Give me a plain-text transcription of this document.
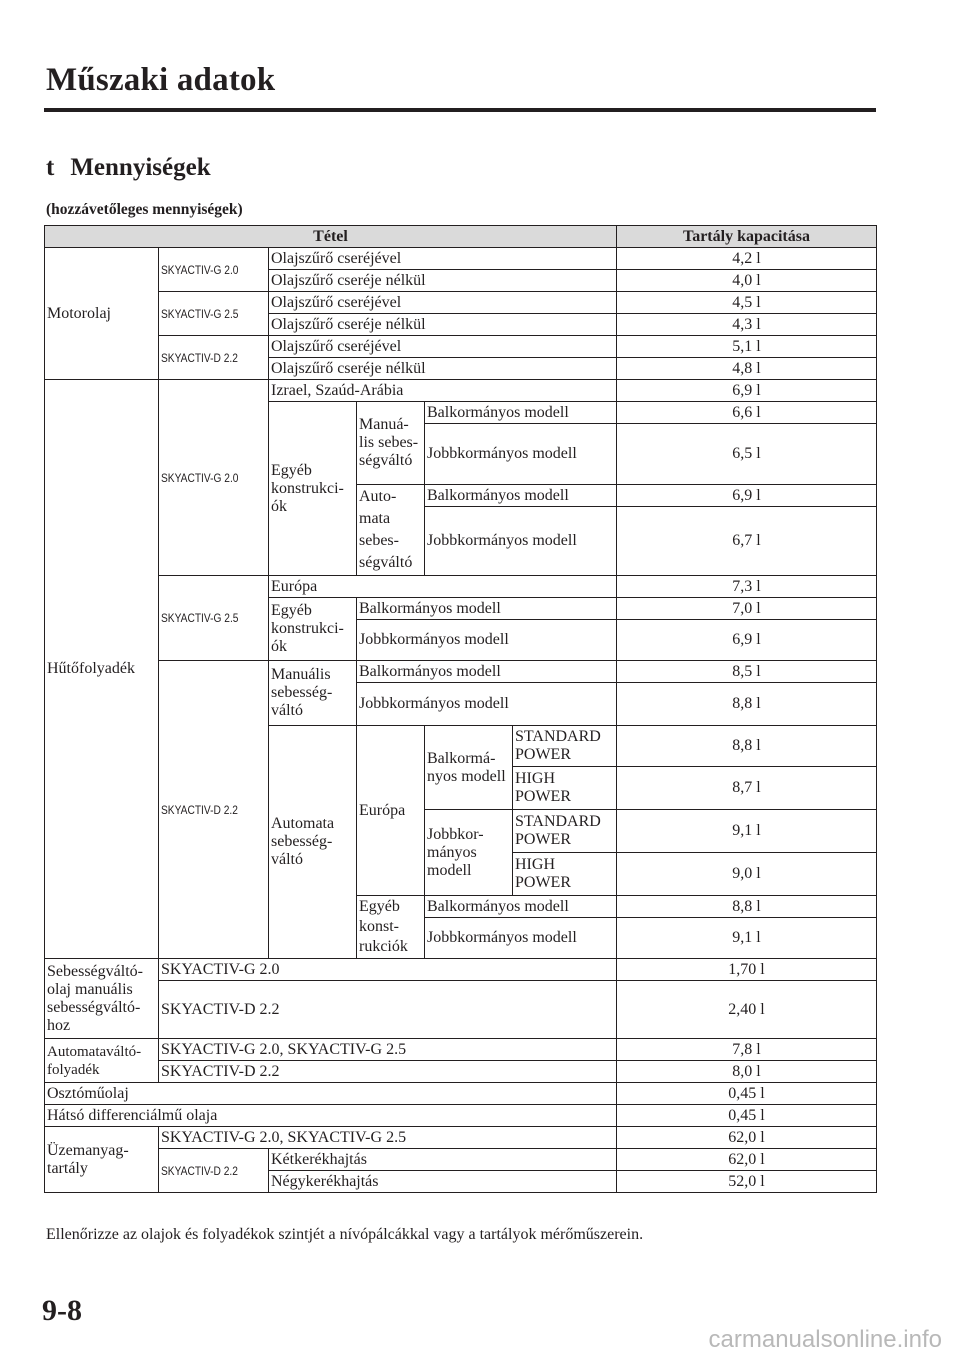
Műszaki adatok
t Mennyiségek
(hozzávetőleges mennyiségek)
Tétel						Tartály kapacitása
Motorolaj	SKYACTIV-G 2.0	Olajszűrő cseréjével				4,2 l
		Olajszűrő cseréje nélkül				4,0 l
	SKYACTIV-G 2.5	Olajszűrő cseréjével				4,5 l
		Olajszűrő cseréje nélkül				4,3 l
	SKYACTIV-D 2.2	Olajszűrő cseréjével				5,1 l
		Olajszűrő cseréje nélkül				4,8 l
Hűtőfolyadék	SKYACTIV-G 2.0	Izrael, Szaúd-Arábia				6,9 l
		Egyéb konstrukci-ók	Manuá-lis sebes-ségváltó	Balkormányos modell		6,6 l
				Jobbkormányos modell		6,5 l
			Auto-mata sebes-ségváltó	Balkormányos modell		6,9 l
				Jobbkormányos modell		6,7 l
	SKYACTIV-G 2.5	Európa				7,3 l
		Egyéb konstrukci-ók	Balkormányos modell			7,0 l
			Jobbkormányos modell			6,9 l
	SKYACTIV-D 2.2	Manuális sebesség-váltó	Balkormányos modell			8,5 l
			Jobbkormányos modell			8,8 l
		Automata sebesség-váltó	Európa	Balkormá-nyos modell	STANDARD POWER	8,8 l

					HIGH POWER	8,7 l

				Jobbkor-mányos modell	STANDARD POWER	9,1 l

					HIGH POWER	9,0 l

			Egyéb konst-rukciók	Balkormányos modell		8,8 l
				Jobbkormányos modell		9,1 l
Sebességváltó-olaj manuális sebességváltó-hoz	SKYACTIV-G 2.0					1,70 l
	SKYACTIV-D 2.2					2,40 l
Automataváltó-folyadék	SKYACTIV-G 2.0, SKYACTIV-G 2.5					7,8 l
	SKYACTIV-D 2.2					8,0 l
Osztóműolaj						0,45 l
Hátsó differenciálmű olaja						0,45 l
Üzemanyag-tartály	SKYACTIV-G 2.0, SKYACTIV-G 2.5					62,0 l
	SKYACTIV-D 2.2	Kétkerékhajtás				62,0 l
		Négykerékhajtás				52,0 l
Ellenőrizze az olajok és folyadékok szintjét a nívópálcákkal vagy a tartályok mérőműszerein.
9-8
carmanualsonline.info
